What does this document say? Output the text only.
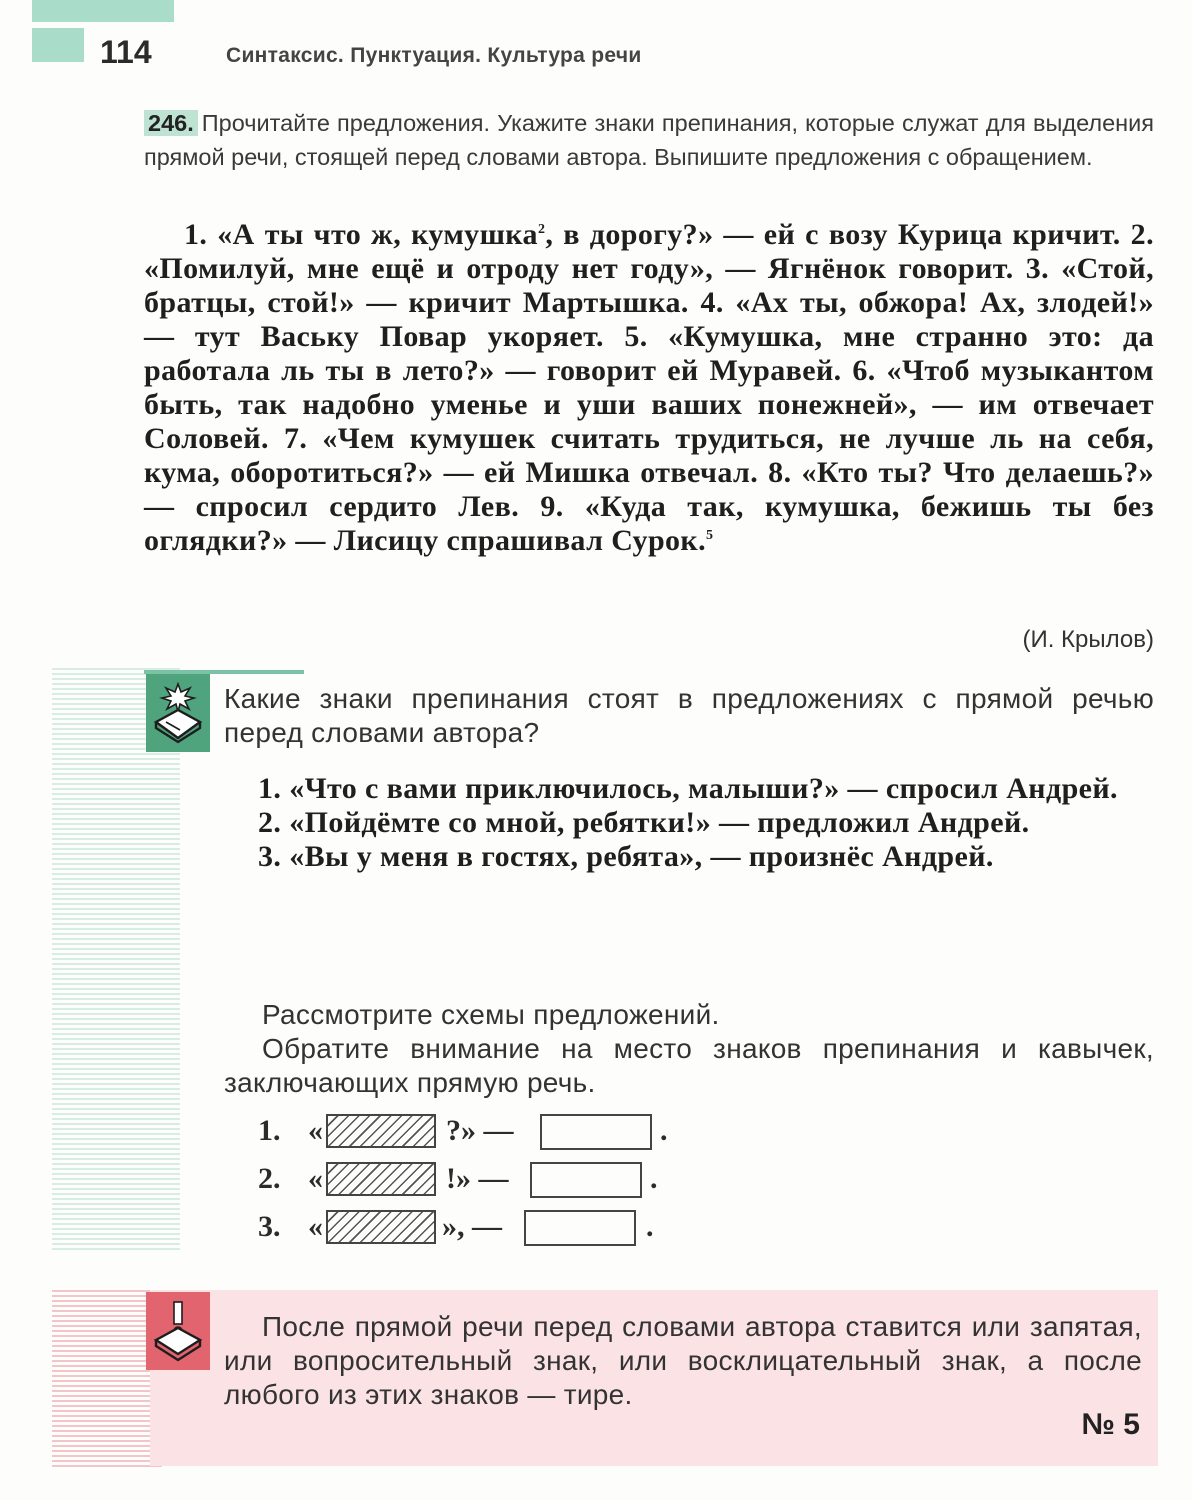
114	Синтаксис. Пунктуация. Культура речи
246. Прочитайте предложения. Укажите знаки препинания, которые служат для выделения прямой речи, стоящей перед словами автора. Выпишите предложения с обращением.

1. «А ты что ж, кумушка$^2$, в дорогу?» — ей с возу Курица кричит. 2. «Помилуй, мне ещё и отроду нет году», — Ягнёнок говорит. 3. «Стой, братцы, стой!» — кричит Мартышка. 4. «Ах ты, обжора! Ах, злодей!» — тут Ваську Повар укоряет. 5. «Кумушка, мне странно это: да работала ль ты в лето?» — говорит ей Муравей. 6. «Чтоб музыкантом быть, так надобно уменье и уши ваших понежней», — им отвечает Соловей. 7. «Чем кумушек считать трудиться, не лучше ль на себя, кума, оборотиться?» — ей Мишка отвечал. 8. «Кто ты? Что делаешь?» — спросил сердито Лев. 9. «Куда так, кумушка, бежишь ты без оглядки?» — Лисицу спрашивал Сурок.$^5$

(И. Крылов)
Какие знаки препинания стоят в предложениях с прямой речью перед словами автора?

1. «Что с вами приключилось, малыши?» — спросил Андрей.

2. «Пойдёмте со мной, ребятки!» — предложил Андрей.

3. «Вы у меня в гостях, ребята», — произнёс Андрей.

Рассмотрите схемы предложений.

Обратите внимание на место знаков препинания и кавычек, заключающих прямую речь.

1. «	?» —	.
2. «	!» —	.
3. «	», —	.

После прямой речи перед словами автора ставится или запятая, или вопросительный знак, или восклицательный знак, а после любого из этих знаков — тире.

№ 5
